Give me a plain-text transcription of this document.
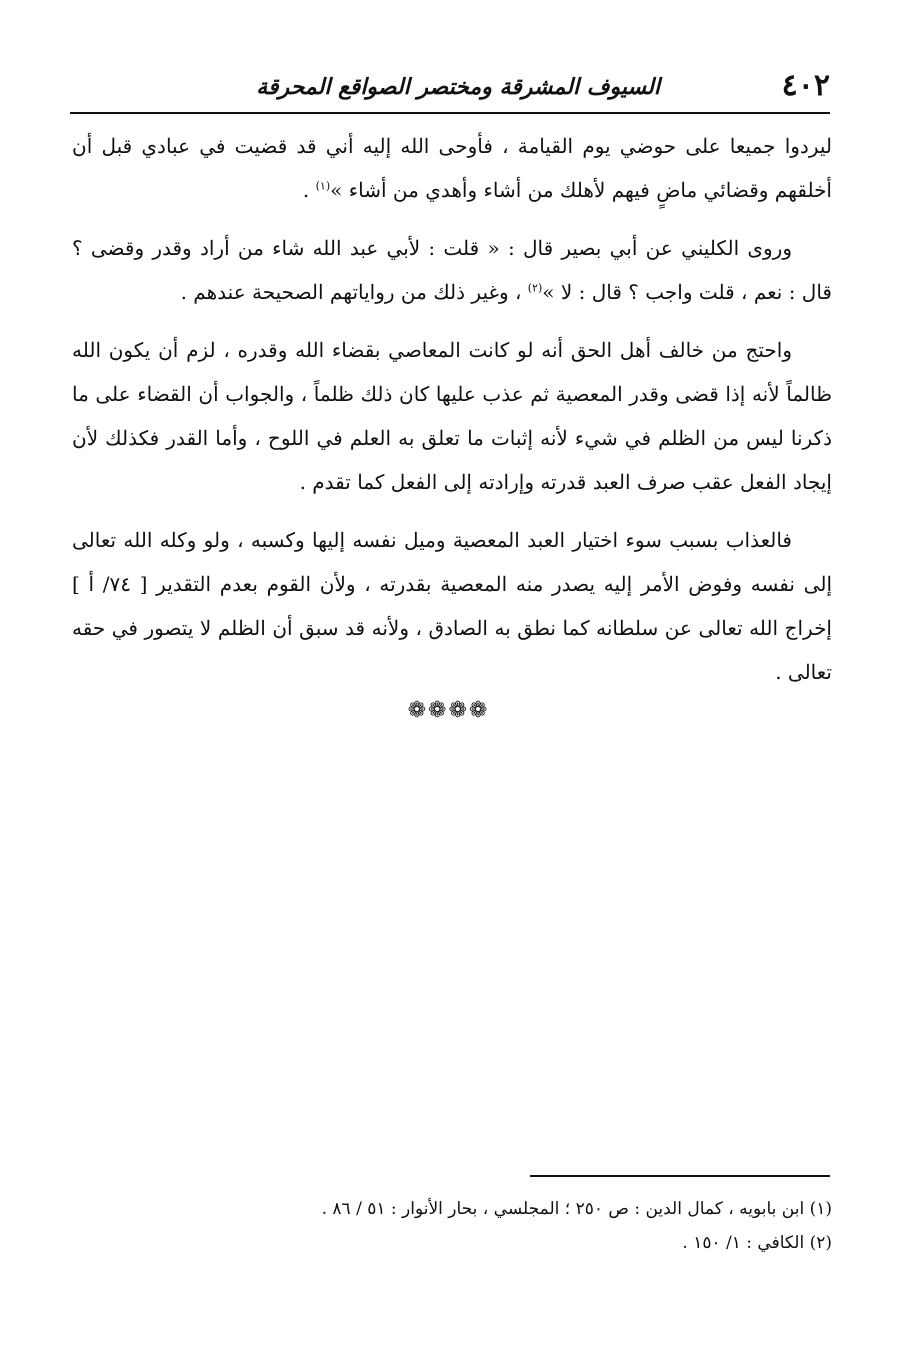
٤٠٢
السيوف المشرقة ومختصر الصواقع المحرقة

ليردوا جميعا على حوضي يوم القيامة ، فأوحى الله إليه أني قد قضيت في عبادي قبل أن أخلقهم وقضائي ماضٍ فيهم لأهلك من أشاء وأهدي من أشاء »$^{(١)}$ .

وروى الكليني عن أبي بصير قال : « قلت : لأبي عبد الله شاء من أراد وقدر وقضى ؟ قال : نعم ، قلت واجب ؟ قال : لا »$^{(٢)}$ ، وغير ذلك من رواياتهم الصحيحة عندهم .

واحتج من خالف أهل الحق أنه لو كانت المعاصي بقضاء الله وقدره ، لزم أن يكون الله ظالماً لأنه إذا قضى وقدر المعصية ثم عذب عليها كان ذلك ظلماً ، والجواب أن القضاء على ما ذكرنا ليس من الظلم في شيء لأنه إثبات ما تعلق به العلم في اللوح ، وأما القدر فكذلك لأن إيجاد الفعل عقب صرف العبد قدرته وإرادته إلى الفعل كما تقدم .

فالعذاب بسبب سوء اختيار العبد المعصية وميل نفسه إليها وكسبه ، ولو وكله الله تعالى إلى نفسه وفوض الأمر إليه يصدر منه المعصية بقدرته ، ولأن القوم بعدم التقدير [ ٧٤/ أ ] إخراج الله تعالى عن سلطانه كما نطق به الصادق ، ولأنه قد سبق أن الظلم لا يتصور في حقه تعالى .

❁❁❁❁
(١) ابن بابويه ، كمال الدين : ص ٢٥٠ ؛ المجلسي ، بحار الأنوار : ٥١ / ٨٦ .
(٢) الكافي : ١/ ١٥٠ .
